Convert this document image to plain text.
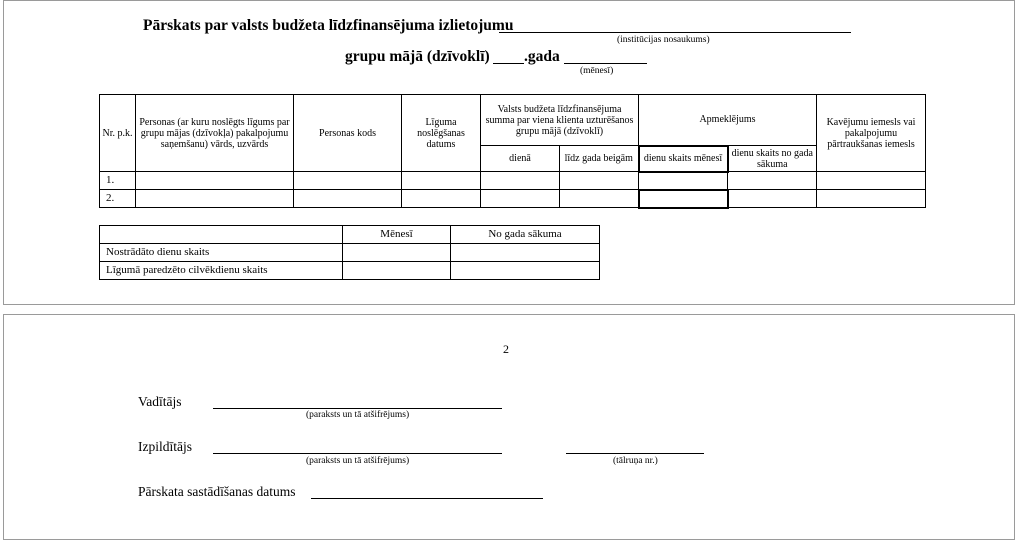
Pārskats par valsts budžeta līdzfinansējuma izlietojumu
(institūcijas nosaukums)
grupu mājā (dzīvoklī) .gada
(mēnesī)
Nr. p.k.	Personas (ar kuru noslēgts līgums par grupu mājas (dzīvokļa) pakalpojumu saņemšanu) vārds, uzvārds	Personas kods	Līguma noslēgšanas datums	Valsts budžeta līdzfinansējuma summa par viena klienta uzturēšanos grupu mājā (dzīvoklī)		Apmeklējums		Kavējumu iemesls vai pakalpojumu pārtraukšanas iemesls
				dienā	līdz gada beigām	dienu skaits mēnesī	dienu skaits no gada sākuma	
1.								
2.								
	Mēnesī	No gada sākuma
Nostrādāto dienu skaits		
Līgumā paredzēto cilvēkdienu skaits		
2
Vadītājs
(paraksts un tā atšifrējums)
Izpildītājs
(paraksts un tā atšifrējums)	(tālruņa nr.)
Pārskata sastādīšanas datums
